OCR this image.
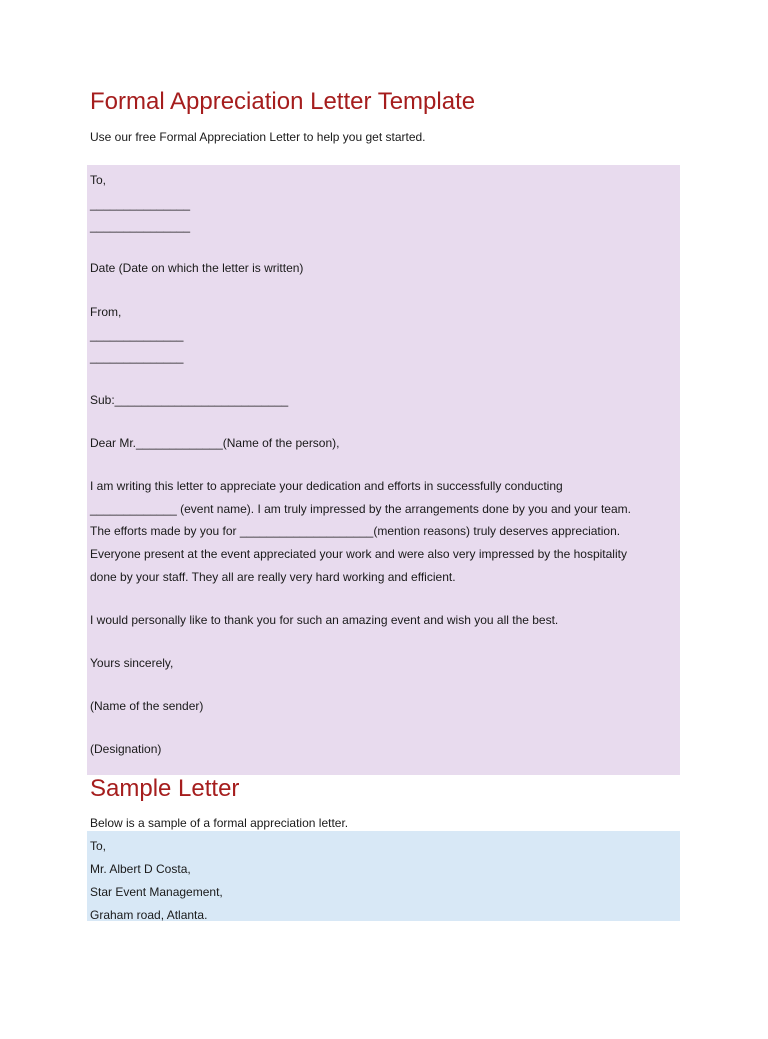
Formal Appreciation Letter Template

Use our free Formal Appreciation Letter to help you get started.

To,
_______________
_______________
Date (Date on which the letter is written)
From,
______________
______________
Sub:__________________________
Dear Mr._____________(Name of the person),
I am writing this letter to appreciate your dedication and efforts in successfully conducting
_____________ (event name). I am truly impressed by the arrangements done by you and your team.
The efforts made by you for ____________________(mention reasons) truly deserves appreciation.
Everyone present at the event appreciated your work and were also very impressed by the hospitality
done by your staff. They all are really very hard working and efficient.
I would personally like to thank you for such an amazing event and wish you all the best.
Yours sincerely,
(Name of the sender)
(Designation)
Sample Letter

Below is a sample of a formal appreciation letter.

To,
Mr. Albert D Costa,
Star Event Management,
Graham road, Atlanta.
